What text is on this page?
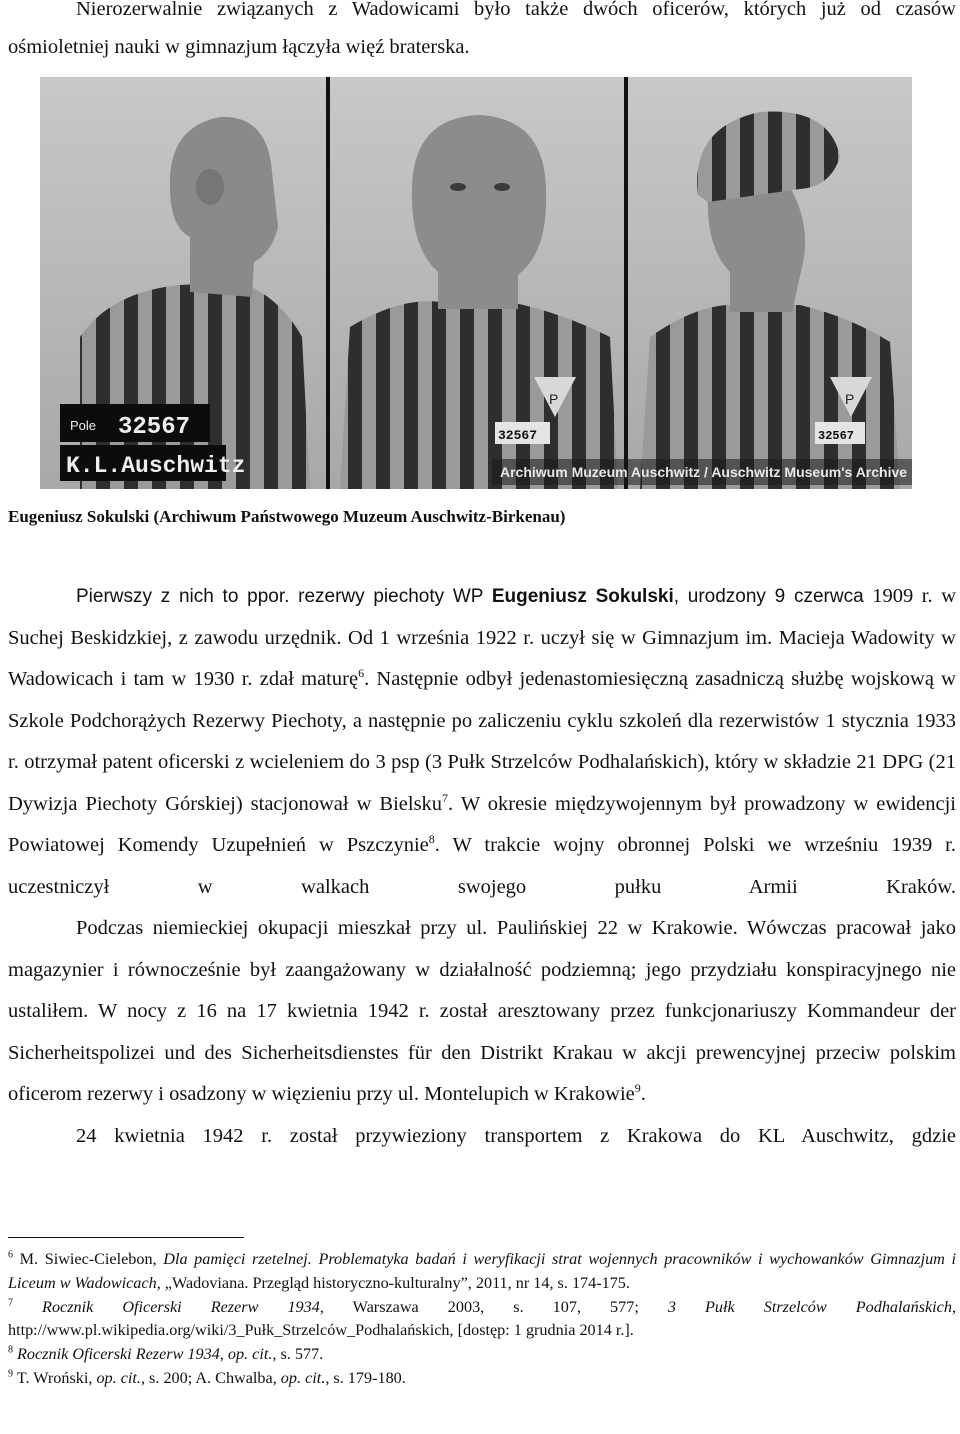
Nierozerwalnie związanych z Wadowicami było także dwóch oficerów, których już od czasów ośmioletniej nauki w gimnazjum łączyła więź braterska.

Pole 32567
K.L.Auschwitz
P
32567
P
32567
Archiwum Muzeum Auschwitz / Auschwitz Museum's Archive
Eugeniusz Sokulski (Archiwum Państwowego Muzeum Auschwitz-Birkenau)

Pierwszy z nich to ppor. rezerwy piechoty WP Eugeniusz Sokulski, urodzony 9 czerwca 1909 r. w Suchej Beskidzkiej, z zawodu urzędnik. Od 1 września 1922 r. uczył się w Gimnazjum im. Macieja Wadowity w Wadowicach i tam w 1930 r. zdał maturę$^6$. Następnie odbył jedenastomiesięczną zasadniczą służbę wojskową w Szkole Podchorążych Rezerwy Piechoty, a następnie po zaliczeniu cyklu szkoleń dla rezerwistów 1 stycznia 1933 r. otrzymał patent oficerski z wcieleniem do 3 psp (3 Pułk Strzelców Podhalańskich), który w składzie 21 DPG (21 Dywizja Piechoty Górskiej) stacjonował w Bielsku$^7$. W okresie międzywojennym był prowadzony w ewidencji Powiatowej Komendy Uzupełnień w Pszczynie$^8$. W trakcie wojny obronnej Polski we wrześniu 1939 r. uczestniczył w walkach swojego pułku Armii Kraków.

Podczas niemieckiej okupacji mieszkał przy ul. Paulińskiej 22 w Krakowie. Wówczas pracował jako magazynier i równocześnie był zaangażowany w działalność podziemną; jego przydziału konspiracyjnego nie ustaliłem. W nocy z 16 na 17 kwietnia 1942 r. został aresztowany przez funkcjonariuszy Kommandeur der Sicherheitspolizei und des Sicherheitsdienstes für den Distrikt Krakau w akcji prewencyjnej przeciw polskim oficerom rezerwy i osadzony w więzieniu przy ul. Montelupich w Krakowie$^9$.

24 kwietnia 1942 r. został przywieziony transportem z Krakowa do KL Auschwitz, gdzie

$^6$ M. Siwiec-Cielebon, Dla pamięci rzetelnej. Problematyka badań i weryfikacji strat wojennych pracowników i wychowanków Gimnazjum i Liceum w Wadowicach, „Wadoviana. Przegląd historyczno-kulturalny”, 2011, nr 14, s. 174-175.

$^7$ Rocznik Oficerski Rezerw 1934, Warszawa 2003, s. 107, 577; 3 Pułk Strzelców Podhalańskich, http://www.pl.wikipedia.org/wiki/3_Pułk_Strzelców_Podhalańskich, [dostęp: 1 grudnia 2014 r.].

$^8$ Rocznik Oficerski Rezerw 1934, op. cit., s. 577.

$^9$ T. Wroński, op. cit., s. 200; A. Chwalba, op. cit., s. 179-180.
